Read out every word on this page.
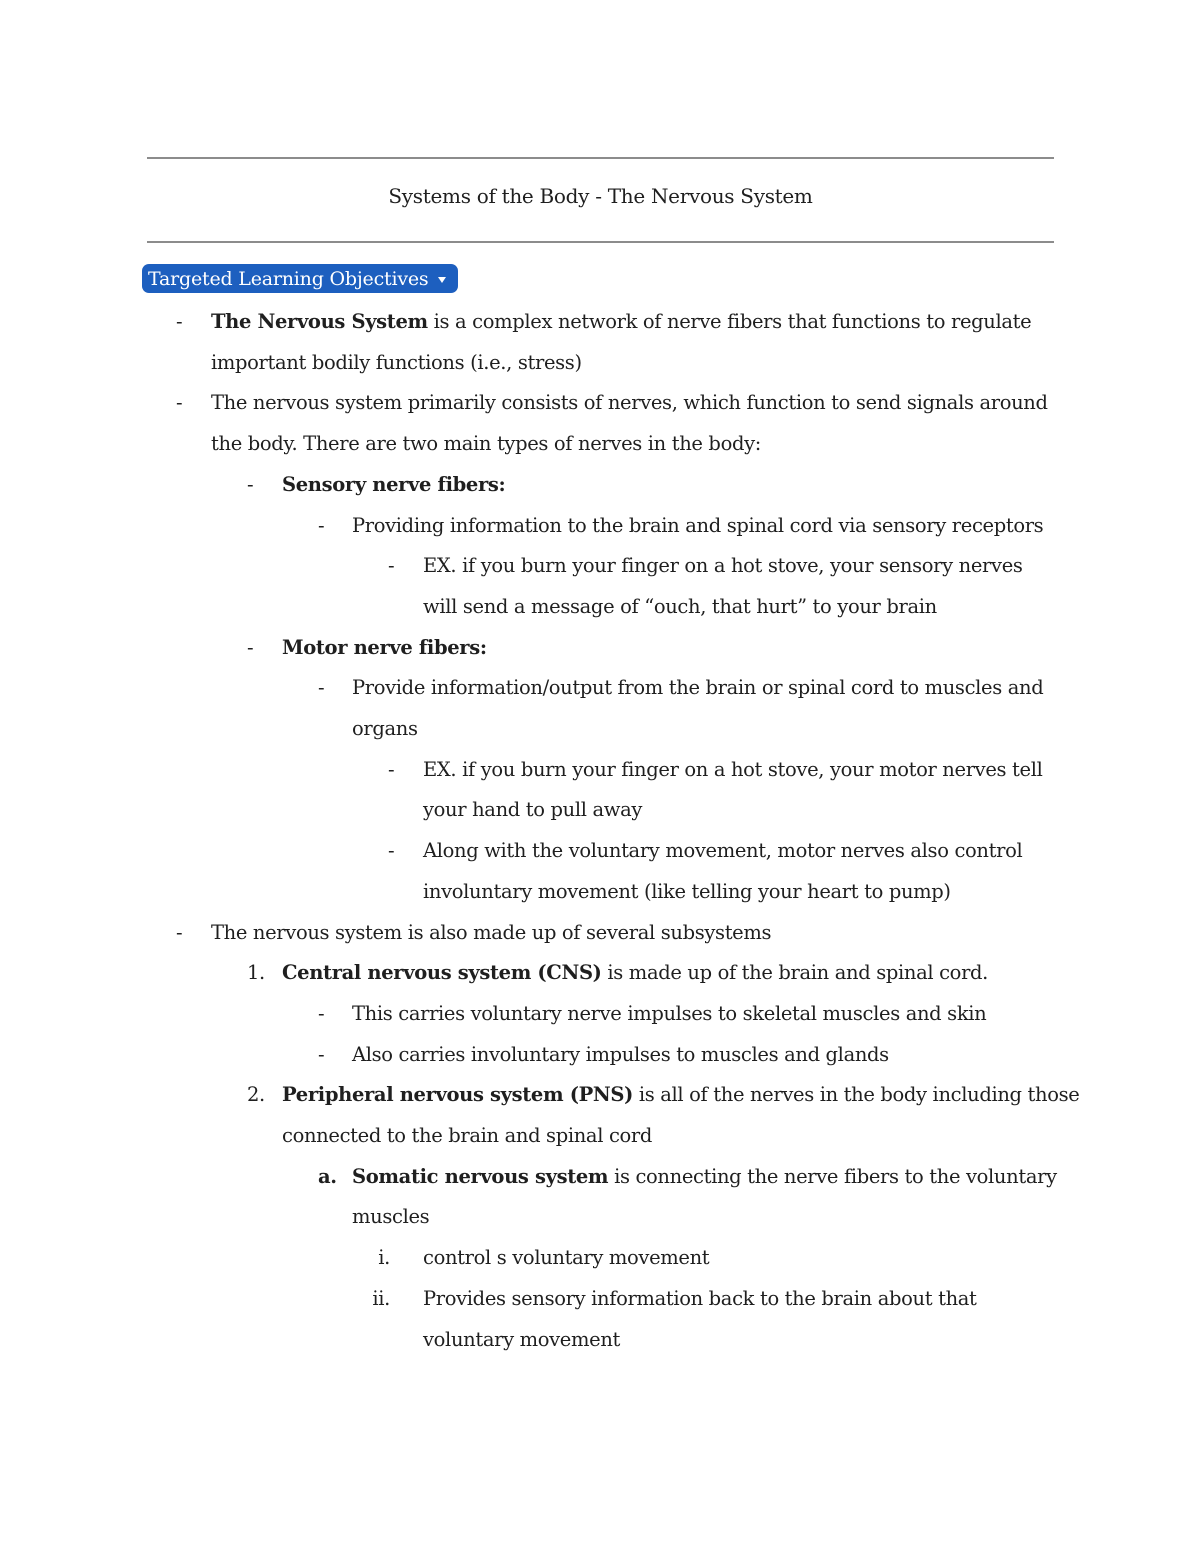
Systems of the Body - The Nervous System
Targeted Learning Objectives
- The Nervous System is a complex network of nerve fibers that functions to regulate
important bodily functions (i.e., stress)
- The nervous system primarily consists of nerves, which function to send signals around
the body. There are two main types of nerves in the body:
- Sensory nerve fibers:
- Providing information to the brain and spinal cord via sensory receptors
- EX. if you burn your finger on a hot stove, your sensory nerves
will send a message of “ouch, that hurt” to your brain
- Motor nerve fibers:
- Provide information/output from the brain or spinal cord to muscles and
organs
- EX. if you burn your finger on a hot stove, your motor nerves tell
your hand to pull away
- Along with the voluntary movement, motor nerves also control
involuntary movement (like telling your heart to pump)
- The nervous system is also made up of several subsystems
1. Central nervous system (CNS) is made up of the brain and spinal cord.
- This carries voluntary nerve impulses to skeletal muscles and skin
- Also carries involuntary impulses to muscles and glands
2. Peripheral nervous system (PNS) is all of the nerves in the body including those
connected to the brain and spinal cord
a. Somatic nervous system is connecting the nerve fibers to the voluntary
muscles
i. control s voluntary movement
ii. Provides sensory information back to the brain about that
voluntary movement
